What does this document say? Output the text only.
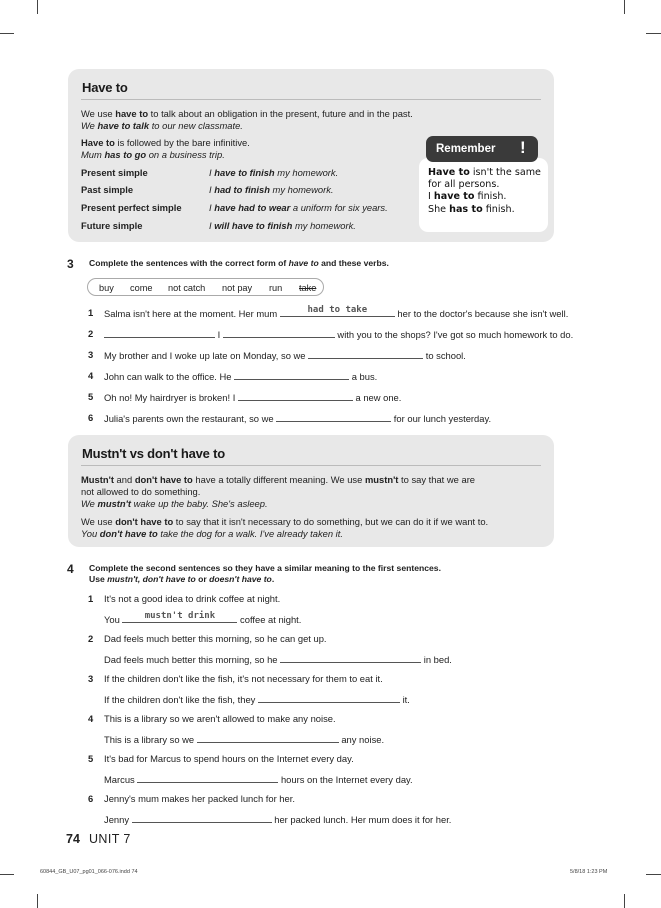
Have to
We use have to to talk about an obligation in the present, future and in the past.
We have to talk to our new classmate.
Have to is followed by the bare infinitive.
Mum has to go on a business trip.
Present simple	I have to finish my homework.
Past simple	I had to finish my homework.
Present perfect simple	I have had to wear a uniform for six years.
Future simple	I will have to finish my homework.
Have to isn't the same
for all persons.
I have to finish.
She has to finish.
Remember !
3 Complete the sentences with the correct form of have to and these verbs.
buy come not catch not pay run take
1 Salma isn't here at the moment. Her mum	had to take	her to the doctor's because she isn't well.
2	I	with you to the shops? I've got so much homework to do.
3 My brother and I woke up late on Monday, so we	to school.
4 John can walk to the office. He	a bus.
5 Oh no! My hairdryer is broken! I	a new one.
6 Julia's parents own the restaurant, so we	for our lunch yesterday.
Mustn't vs don't have to
Mustn't and don't have to have a totally different meaning. We use mustn't to say that we are
not allowed to do something.
We mustn't wake up the baby. She's asleep.
We use don't have to to say that it isn't necessary to do something, but we can do it if we want to.
You don't have to take the dog for a walk. I've already taken it.
4 Complete the second sentences so they have a similar meaning to the first sentences.
Use mustn't, don't have to or doesn't have to.
1 It's not a good idea to drink coffee at night.
You	mustn't drink	coffee at night.
2 Dad feels much better this morning, so he can get up.
Dad feels much better this morning, so he	in bed.
3 If the children don't like the fish, it's not necessary for them to eat it.
If the children don't like the fish, they	it.
4 This is a library so we aren't allowed to make any noise.
This is a library so we	any noise.
5 It's bad for Marcus to spend hours on the Internet every day.
Marcus	hours on the Internet every day.
6 Jenny's mum makes her packed lunch for her.
Jenny	her packed lunch. Her mum does it for her.
74 UNIT 7
60844_GB_U07_pg01_066-076.indd 74	5/8/18 1:23 PM
